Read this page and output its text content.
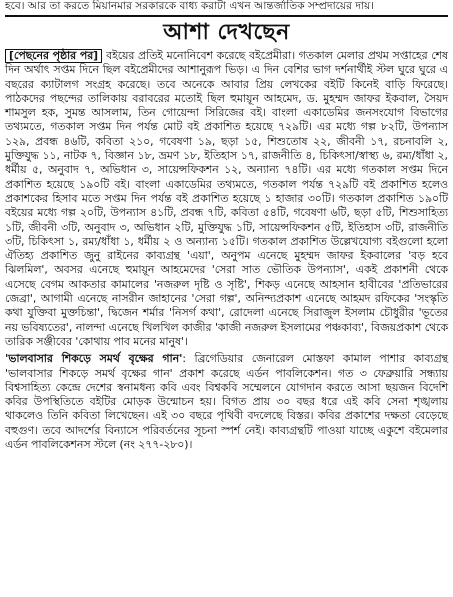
হবে। আর তা করতে মিয়ানমার সরকারকে বাধ্য করাটা এখন আন্তর্জাতিক সম্প্রদায়ের দায়।
আশা দেখছেন

[পেছনের পৃষ্ঠার পর] বইয়ের প্রতিই মনোনিবেশ করেছে বইপ্রেমীরা। গতকাল মেলার প্রথম সপ্তাহের শেষ দিন অর্থাৎ সপ্তম দিনে ছিল বইপ্রেমীদের আশানুরূপ ভিড়। এ দিন বেশির ভাগ দর্শনার্থীই স্টল ঘুরে ঘুরে এ বছরের ক্যাটালগ সংগ্রহ করেছে। তবে অনেকে আবার প্রিয় লেখকের বইটি কিনেই বাড়ি ফিরেছে। পাঠকদের পছন্দের তালিকায় বরাবরের মতোই ছিল হুমায়ূন আহমেদ, ড. মুহম্মদ জাফর ইকবাল, সৈয়দ শামসুল হক, সুমন্ত আসলাম, তিন গোয়েন্দা সিরিজের বই। বাংলা একাডেমির জনসংযোগ বিভাগের তথ্যমতে, গতকাল সপ্তম দিন পর্যন্ত মোট বই প্রকাশিত হয়েছে ৭২৯টি। এর মধ্যে গল্প ৮২টি, উপন্যাস ১২৯, প্রবন্ধ ৪৬টি, কবিতা ২১০, গবেষণা ১৯, ছড়া ১৫, শিশুতোষ ২২, জীবনী ১৭, রচনাবলি ২, মুক্তিযুদ্ধ ১১, নাটক ৭, বিজ্ঞান ১৮, ভ্রমণ ১৮, ইতিহাস ১৭, রাজনীতি ৪, চিকিৎসা/স্বাস্থ্য ৬, রম্য/ধাঁধা ২, ধর্মীয় ৫, অনুবাদ ৭, অভিধান ৩, সায়েন্সফিকশন ১২, অন্যান্য ৭৪টি। এর মধ্যে গতকাল সপ্তম দিনে প্রকাশিত হয়েছে ১৯০টি বই। বাংলা একাডেমির তথ্যমতে, গতকাল পর্যন্ত ৭২৯টি বই প্রকাশিত হলেও প্রকাশকের হিসাব মতে সপ্তম দিন পর্যন্ত বই প্রকাশিত হয়েছে ১ হাজার ৩০টি। গতকাল প্রকাশিত ১৯০টি বইয়ের মধ্যে গল্প ২০টি, উপন্যাস ৪১টি, প্রবন্ধ ৭টি, কবিতা ৫৪টি, গবেষণা ৬টি, ছড়া ৫টি, শিশুসাহিত্য ১টি, জীবনী ৩টি, অনুবাদ ৩, অভিধান ২টি, মুক্তিযুদ্ধ ১টি, সায়েন্সফিকশন ৫টি, ইতিহাস ৩টি, রাজনীতি ৩টি, চিকিৎসা ১, রম্য/ধাঁধা ১, ধর্মীয় ২ ও অন্যান্য ১৫টি। গতকাল প্রকাশিত উল্লেখযোগ্য বইগুলো হলো ঐতিহ্য প্রকাশিত জুনু রাইনের কাব্যগ্রন্থ 'এয়া', অনুপম এনেছে মুহম্মদ জাফর ইকবালের 'বড় হবে ঝিলমিল', অবসর এনেছে হুমায়ূন আহমেদের 'সেরা সাত ভৌতিক উপন্যাস', একই প্রকাশনী থেকে এসেছে বেগম আকতার কামালের 'নজরুল দৃষ্টি ও সৃষ্টি', শিকড় এনেছে আহসান হাবীবের 'প্রতিভারের জেব্রা', আগামী এনেছে নাসরীন জাহানের 'সেরা গল্প', অনিন্দ্যপ্রকাশ এনেছে আহমদ রফিকের 'সংস্কৃতি কথা যুক্তিবা মুক্তচিন্তা', দ্বিজেন শর্মার 'নিসর্গ কথা', রোদেলা এনেছে সিরাজুল ইসলাম চৌধুরীর 'ভূতের নয় ভবিষ্যতের', নালন্দা এনেছে খিলখিল কাজীর 'কাজী নজরুল ইসলামের পঞ্চকাব্য', বিজয়প্রকাশ থেকে তারিক সঞ্জীবের 'কোথায় পাব মনের মানুষ'।

'ভালবাসার শিকড়ে সমর্থ বৃক্ষের গান': ব্রিগেডিয়ার জেনারেল মোস্তফা কামাল পাশার কাব্যগ্রন্থ 'ভালবাসার শিকড়ে সমর্থ বৃক্ষের গান' প্রকাশ করেছে এর্ডন পাবলিকেশন। গত ৩ ফেব্রুয়ারি সন্ধ্যায় বিশ্বসাহিত্য কেন্দ্রে দেশের স্বনামধন্য কবি এবং বিশ্বকবি সম্মেলনে যোগদান করতে আসা ছয়জন বিদেশি কবির উপস্থিতিতে বইটির মোড়ক উন্মোচন হয়। বিগত প্রায় ৩০ বছর ধরে এই কবি সেনা শৃঙ্খলায় থাকলেও তিনি কবিতা লিখেছেন। এই ৩০ বছরে পৃথিবী বদলেছে বিস্তর। কবির প্রকাশের দক্ষতা বেড়েছে বহুগুণ। তবে আদর্শের বিন্যাসে পরিবর্তনের সূচনা স্পর্শ নেই। কাব্যগ্রন্থটি পাওয়া যাচ্ছে একুশে বইমেলার এর্ডন পাবলিকেশনস স্টলে (নং ২৭৭-২৮০)।
